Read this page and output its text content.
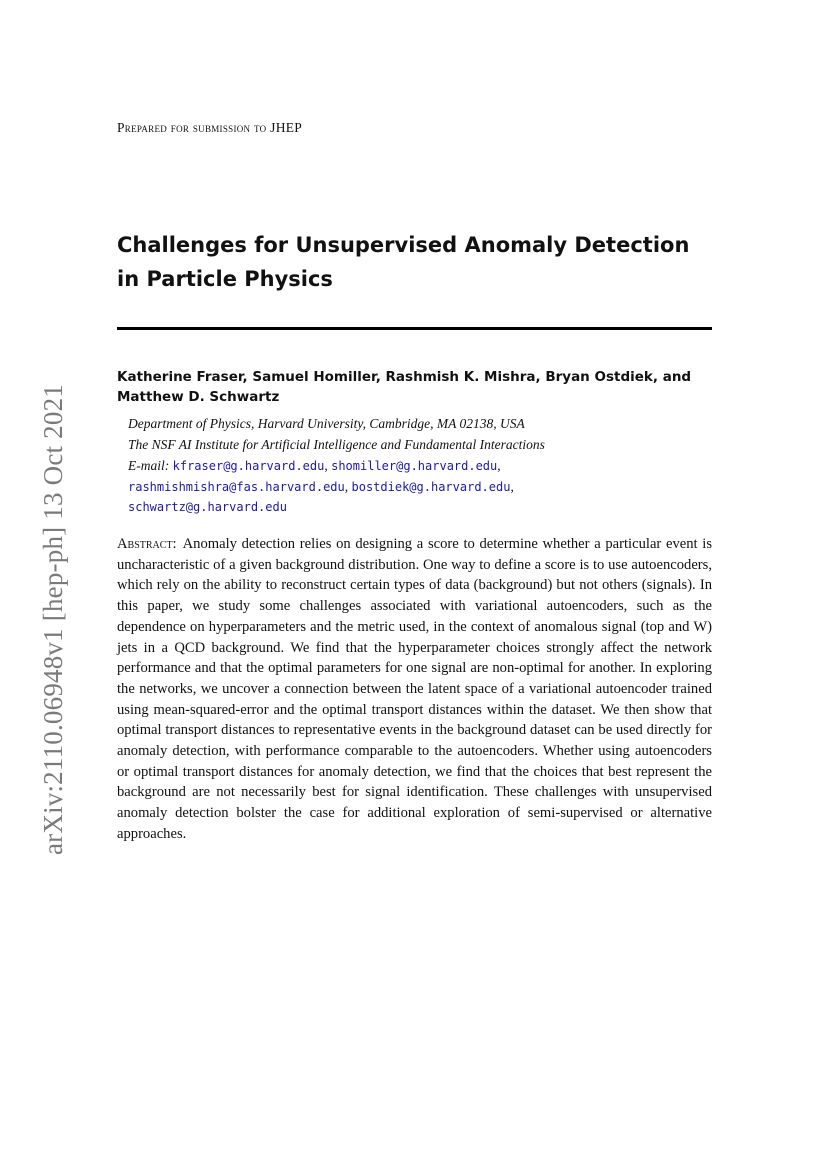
Prepared for submission to JHEP
Challenges for Unsupervised Anomaly Detection in Particle Physics
Katherine Fraser, Samuel Homiller, Rashmish K. Mishra, Bryan Ostdiek, and
Matthew D. Schwartz
Department of Physics, Harvard University, Cambridge, MA 02138, USA
The NSF AI Institute for Artificial Intelligence and Fundamental Interactions
E-mail: kfraser@g.harvard.edu, shomiller@g.harvard.edu,
rashmishmishra@fas.harvard.edu, bostdiek@g.harvard.edu,
schwartz@g.harvard.edu

Abstract: Anomaly detection relies on designing a score to determine whether a particular event is uncharacteristic of a given background distribution. One way to define a score is to use autoencoders, which rely on the ability to reconstruct certain types of data (background) but not others (signals). In this paper, we study some challenges associated with variational autoencoders, such as the dependence on hyperparameters and the metric used, in the context of anomalous signal (top and W) jets in a QCD background. We find that the hyperparameter choices strongly affect the network performance and that the optimal parameters for one signal are non-optimal for another. In exploring the networks, we uncover a connection between the latent space of a variational autoencoder trained using mean-squared-error and the optimal transport distances within the dataset. We then show that optimal transport distances to representative events in the background dataset can be used directly for anomaly detection, with performance comparable to the autoencoders. Whether using autoencoders or optimal transport distances for anomaly detection, we find that the choices that best represent the background are not necessarily best for signal identification. These challenges with unsupervised anomaly detection bolster the case for additional exploration of semi-supervised or alternative approaches.

arXiv:2110.06948v1 [hep-ph] 13 Oct 2021
